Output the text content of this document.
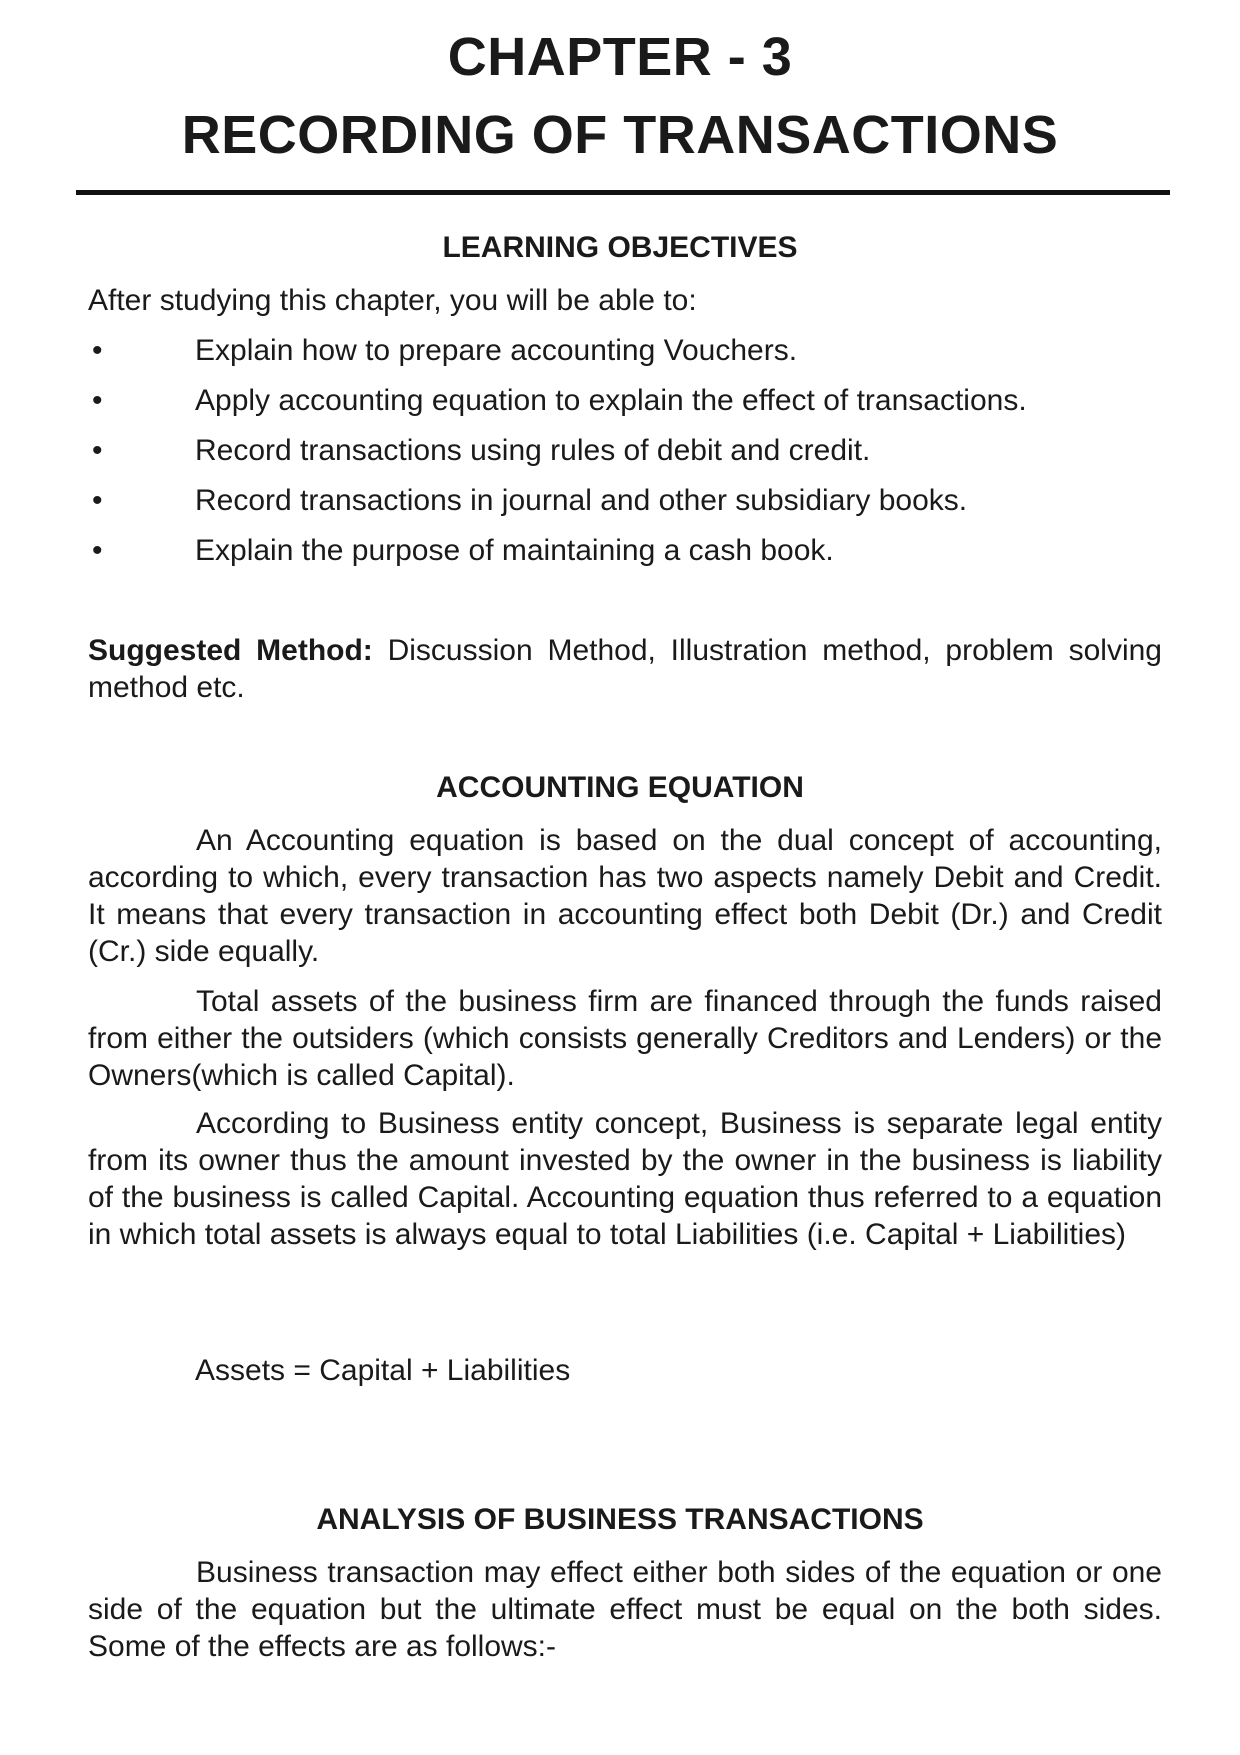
CHAPTER - 3
RECORDING OF TRANSACTIONS
LEARNING OBJECTIVES
After studying this chapter, you will be able to:
•	Explain how to prepare accounting Vouchers.
•	Apply accounting equation to explain the effect of transactions.
•	Record transactions using rules of debit and credit.
•	Record transactions in journal and other subsidiary books.
•	Explain the purpose of maintaining a cash book.
Suggested Method: Discussion Method, Illustration method, problem solving method etc.
ACCOUNTING EQUATION
An Accounting equation is based on the dual concept of accounting, according to which, every transaction has two aspects namely Debit and Credit. It means that every transaction in accounting effect both Debit (Dr.) and Credit (Cr.) side equally.
Total assets of the business firm are financed through the funds raised from either the outsiders (which consists generally Creditors and Lenders) or the Owners(which is called Capital).
According to Business entity concept, Business is separate legal entity from its owner thus the amount invested by the owner in the business is liability of the business is called Capital. Accounting equation thus referred to a equation in which total assets is always equal to total Liabilities (i.e. Capital + Liabilities)
Assets = Capital + Liabilities
ANALYSIS OF BUSINESS TRANSACTIONS
Business transaction may effect either both sides of the equation or one side of the equation but the ultimate effect must be equal on the both sides. Some of the effects are as follows:-
